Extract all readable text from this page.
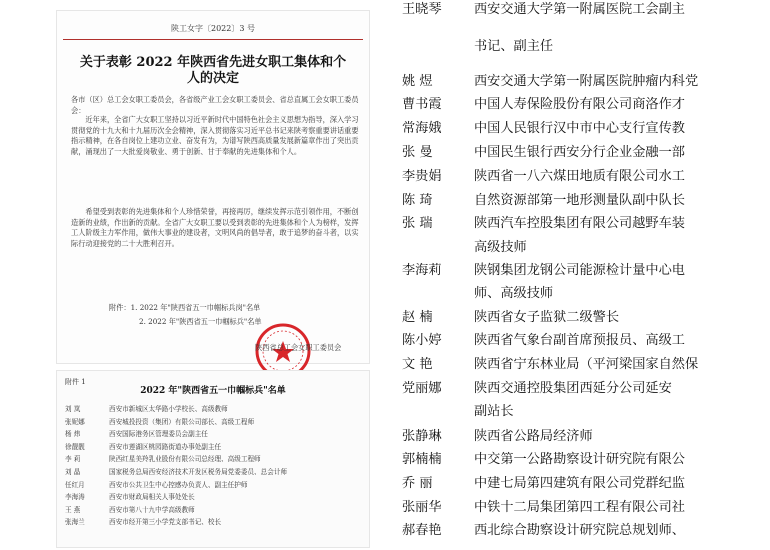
陕工女字〔2022〕3 号
关于表彰 2022 年陕西省先进女职工集体和个人的决定
各市（区）总工会女职工委员会，各省级产业工会女职工委员会、省总直属工会女职工委员会：
近年来，全省广大女职工坚持以习近平新时代中国特色社会主义思想为指导，深入学习贯彻党的十九大和十九届历次全会精神，深入贯彻落实习近平总书记来陕考察重要讲话重要指示精神，在各自岗位上建功立业、奋发有为，为谱写陕西高质量发展新篇章作出了突出贡献，涌现出了一大批爱岗敬业、勇于创新、甘于奉献的先进集体和个人。
希望受到表彰的先进集体和个人珍惜荣誉，再接再厉，继续发挥示范引领作用，不断创造新的业绩，作出新的贡献。全省广大女职工要以受到表彰的先进集体和个人为榜样，发挥工人阶级主力军作用，做伟大事业的建设者，文明风尚的倡导者，敢于追梦的奋斗者，以实际行动迎接党的二十大胜利召开。
附件：1. 2022 年"陕西省五一巾帼标兵岗"名单
2. 2022 年"陕西省五一巾帼标兵"名单
陕西省总工会女职工委员会
附件 1
2022 年"陕西省五一巾帼标兵"名单
刘 岚	西安市新城区太华路小学校长、高级教师
张妮娜	西安城投投资（集团）有限公司部长、高级工程师
杨 炜	西安国际港务区管理委员会副主任
徐靓靓	西安市莲湖区桃园路街道办事处副主任
李 莉	陕西红星美羚乳业股份有限公司总经理、高级工程师
刘 晶	国家税务总局西安经济技术开发区税务局党委委员、总会计师
任红月	西安市公共卫生中心控感办负责人、副主任护师
李海涛	西安市财政局相关人事处处长
王 燕	西安市第八十九中学高级教师
张海兰	西安市经开第三小学党支部书记、校长
王晓琴	西安交通大学第一附属医院工会副主
书记、副主任
姚 煜	西安交通大学第一附属医院肿瘤内科党
曹书霞	中国人寿保险股份有限公司商洛作才
常海娥	中国人民银行汉中市中心支行宣传教
张 曼	中国民生银行西安分行企业金融一部
李贵娟	陕西省一八六煤田地质有限公司水工
陈 琦	自然资源部第一地形测量队副中队长
张 瑞	陕西汽车控股集团有限公司越野车装
高级技师
李海莉	陕钢集团龙钢公司能源检计量中心电
师、高级技师
赵 楠	陕西省女子监狱二级警长
陈小婷	陕西省气象台副首席预报员、高级工
文 艳	陕西省宁东林业局（平河梁国家自然保
党丽娜	陕西交通控股集团西延分公司延安
副站长
张静琳	陕西省公路局经济师
郭楠楠	中交第一公路勘察设计研究院有限公
乔 丽	中建七局第四建筑有限公司党群纪监
张丽华	中铁十二局集团第四工程有限公司社
郝春艳	西北综合勘察设计研究院总规划师、
